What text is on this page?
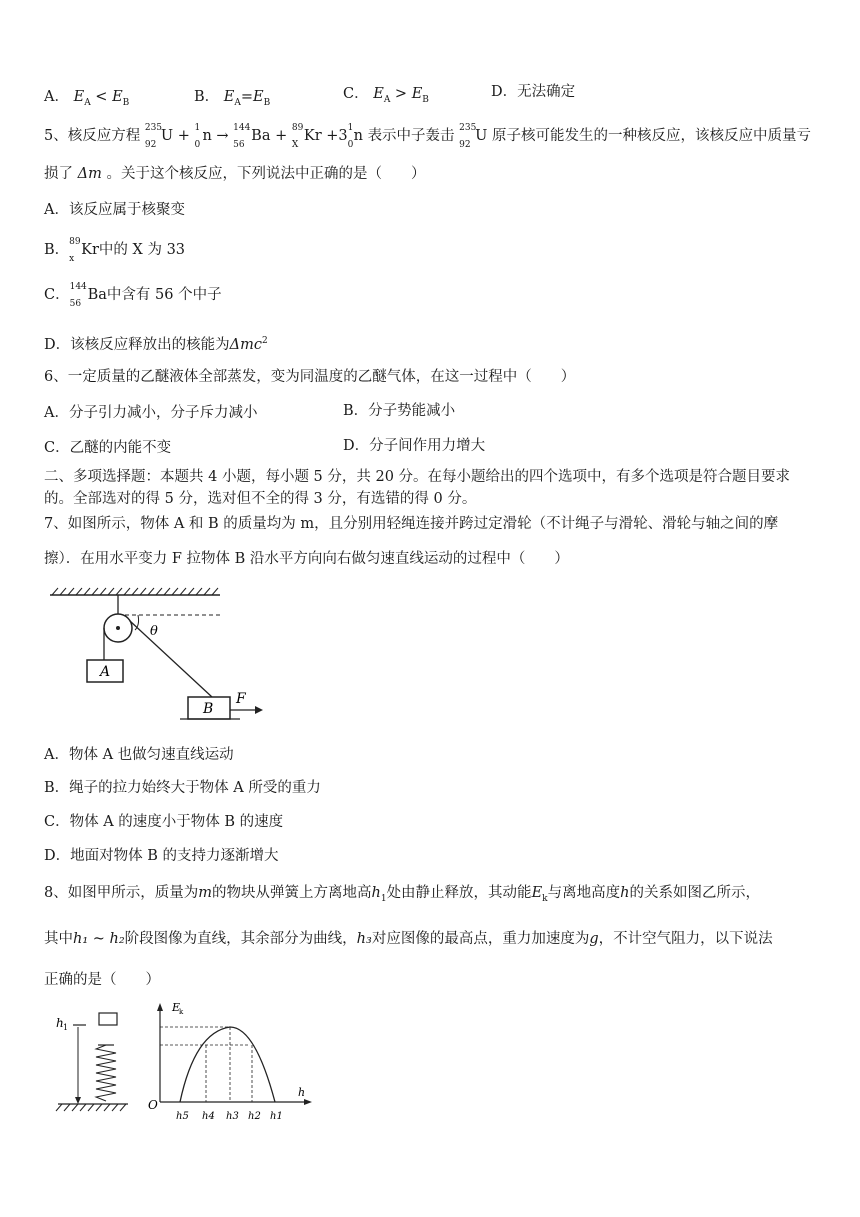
A． $E_A < E_B$	B． $E_A=E_B$
C． $E_A > E_B$	D．无法确定
5、核反应方程 235
92
U + 1
0
n → 144
56
Ba + 89
X
Kr +3 1
0
n 表示中子轰击 235
92
U 原子核可能发生的一种核反应，该核反应中质量亏
损了 Δm 。关于这个核反应，下列说法中正确的是（　　）
A．该反应属于核聚变
B． 89
x
Kr中的 X 为 33
C． 144
56
Ba中含有 56 个中子
D．该核反应释放出的核能为Δmc$^2$
6、一定质量的乙醚液体全部蒸发，变为同温度的乙醚气体，在这一过程中（　　）
A．分子引力减小，分子斥力减小	B．分子势能减小
C．乙醚的内能不变	D．分子间作用力增大
二、多项选择题：本题共 4 小题，每小题 5 分，共 20 分。在每小题给出的四个选项中，有多个选项是符合题目要求
的。全部选对的得 5 分，选对但不全的得 3 分，有选错的得 0 分。
7、如图所示，物体 A 和 B 的质量均为 m，且分别用轻绳连接并跨过定滑轮（不计绳子与滑轮、滑轮与轴之间的摩
擦）．在用水平变力 F 拉物体 B 沿水平方向向右做匀速直线运动的过程中（　　）
θ
A
B
F
A．物体 A 也做匀速直线运动
B．绳子的拉力始终大于物体 A 所受的重力
C．物体 A 的速度小于物体 B 的速度
D．地面对物体 B 的支持力逐渐增大
8、如图甲所示，质量为m的物块从弹簧上方离地高$h_1$处由静止释放，其动能$E_k$与离地高度h的关系如图乙所示，
其中h₁ ~ h₂阶段图像为直线，其余部分为曲线，h₃对应图像的最高点，重力加速度为g，不计空气阻力，以下说法
正确的是（　　）
h 1
E
k
O
h
h5 h4 h3 h2 h1
